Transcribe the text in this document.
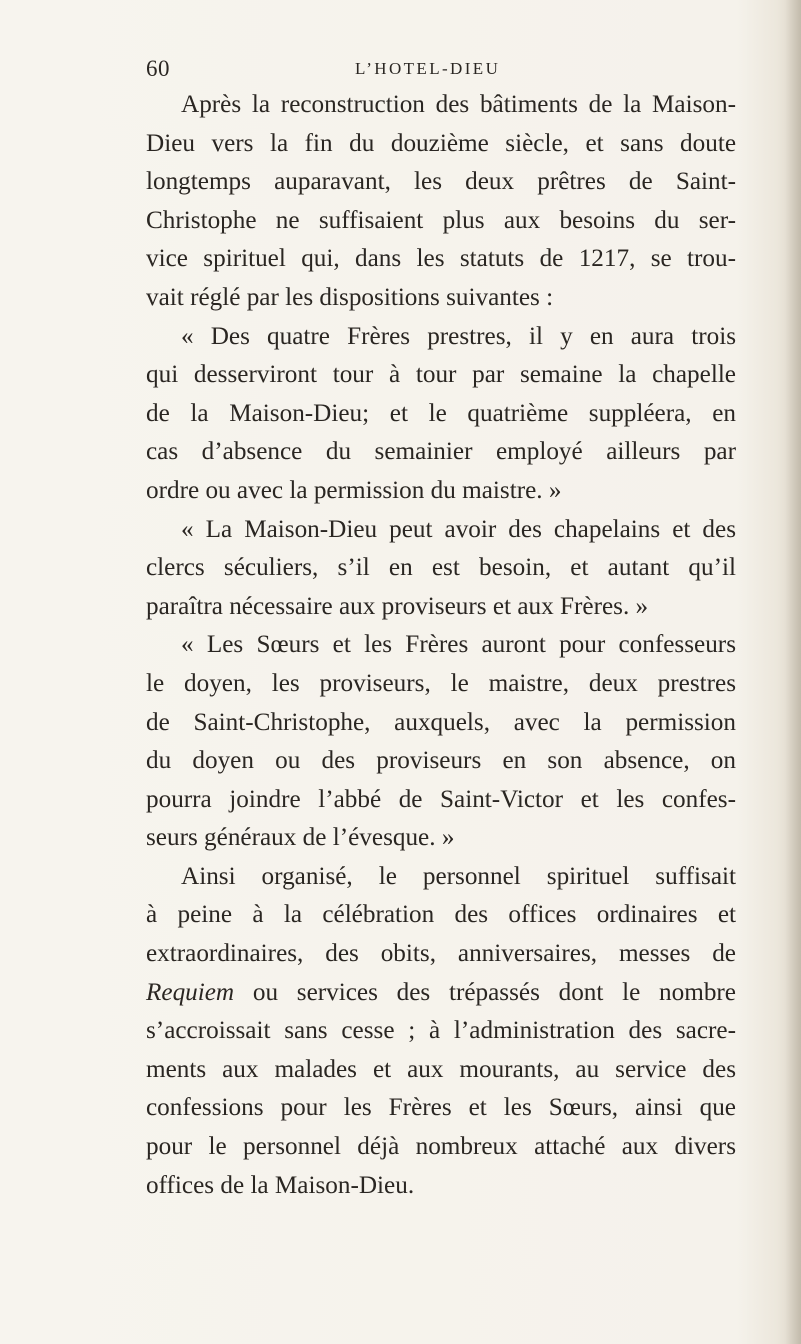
60	L’HOTEL-DIEU
Après la reconstruction des bâtiments de la Maison-
Dieu vers la fin du douzième siècle, et sans doute
longtemps auparavant, les deux prêtres de Saint-
Christophe ne suffisaient plus aux besoins du ser-
vice spirituel qui, dans les statuts de 1217, se trou-
vait réglé par les dispositions suivantes :
« Des quatre Frères prestres, il y en aura trois
qui desserviront tour à tour par semaine la chapelle
de la Maison-Dieu; et le quatrième suppléera, en
cas d’absence du semainier employé ailleurs par
ordre ou avec la permission du maistre. »
« La Maison-Dieu peut avoir des chapelains et des
clercs séculiers, s’il en est besoin, et autant qu’il
paraîtra nécessaire aux proviseurs et aux Frères. »
« Les Sœurs et les Frères auront pour confesseurs
le doyen, les proviseurs, le maistre, deux prestres
de Saint-Christophe, auxquels, avec la permission
du doyen ou des proviseurs en son absence, on
pourra joindre l’abbé de Saint-Victor et les confes-
seurs généraux de l’évesque. »
Ainsi organisé, le personnel spirituel suffisait
à peine à la célébration des offices ordinaires et
extraordinaires, des obits, anniversaires, messes de
Requiem ou services des trépassés dont le nombre
s’accroissait sans cesse ; à l’administration des sacre-
ments aux malades et aux mourants, au service des
confessions pour les Frères et les Sœurs, ainsi que
pour le personnel déjà nombreux attaché aux divers
offices de la Maison-Dieu.
